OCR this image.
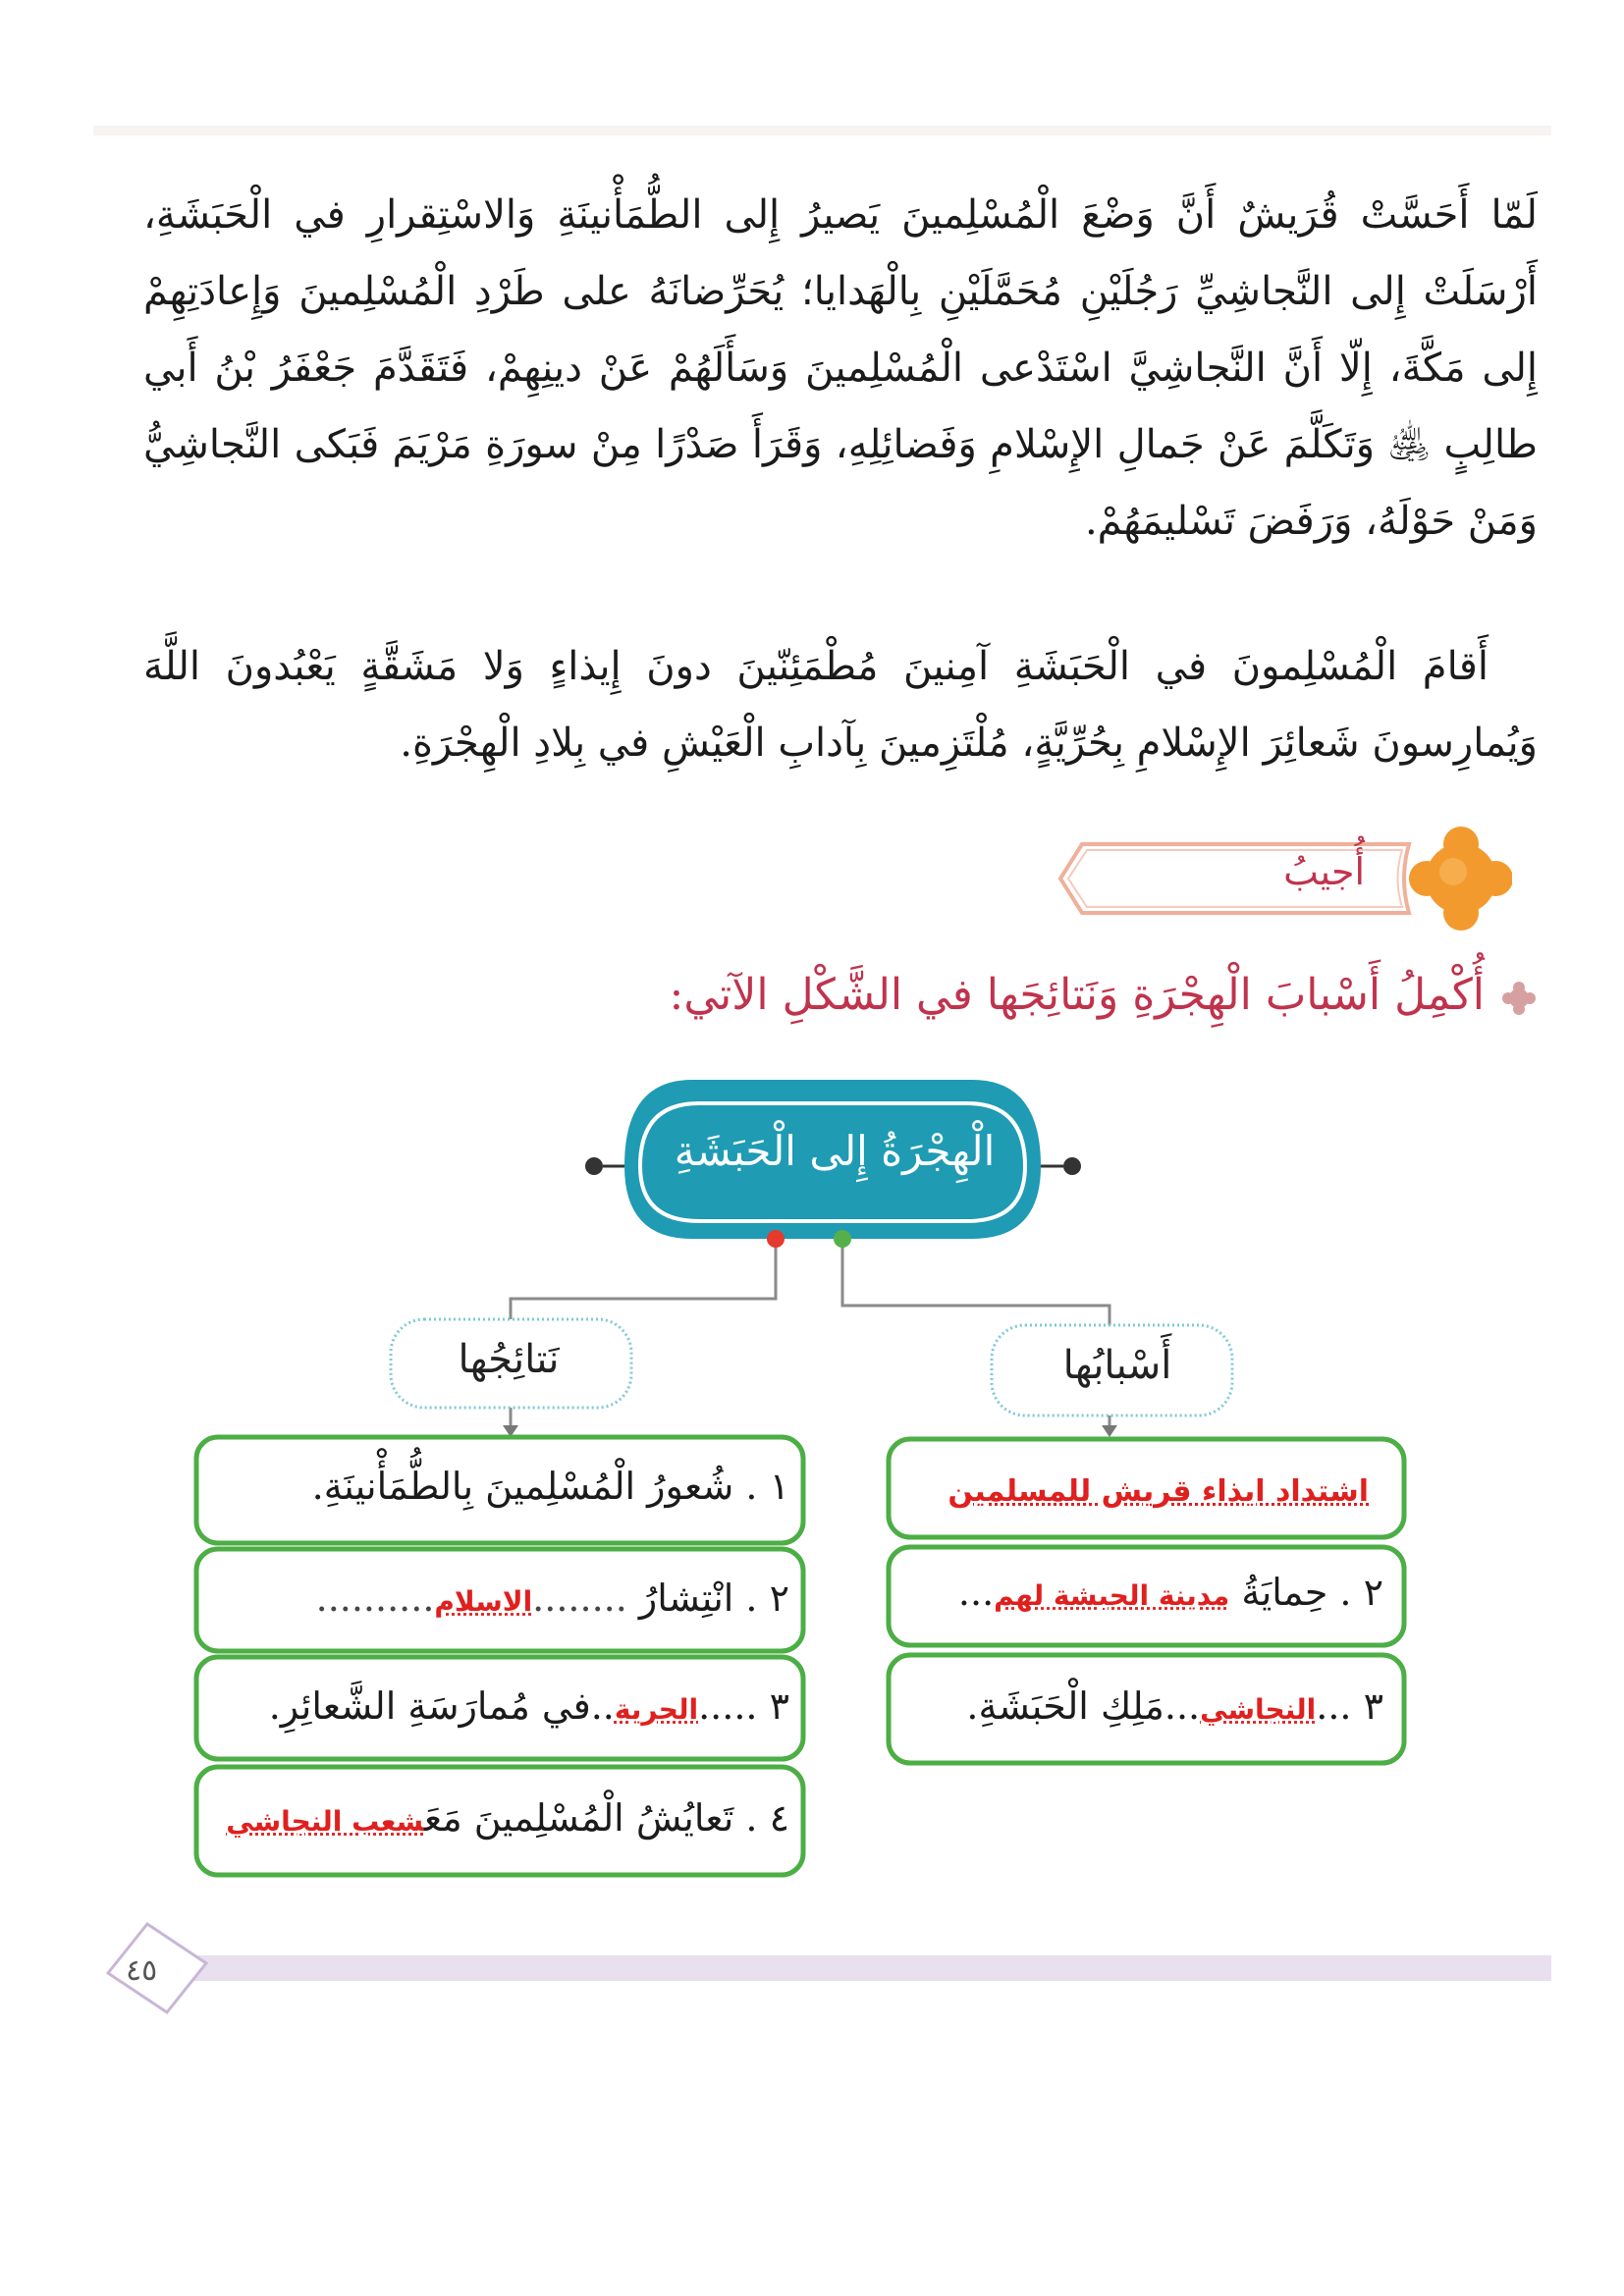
لَمّا أَحَسَّتْ قُرَيشٌ أَنَّ وَضْعَ الْمُسْلِمينَ يَصيرُ إِلى الطُّمَأْنينَةِ وَالاسْتِقرارِ في الْحَبَشَةِ، أَرْسَلَتْ إِلى النَّجاشِيِّ رَجُلَيْنِ مُحَمَّلَيْنِ بِالْهَدايا؛ يُحَرِّضانَهُ على طَرْدِ الْمُسْلِمينَ وَإِعادَتِهِمْ إِلى مَكَّةَ، إِلّا أَنَّ النَّجاشِيَّ اسْتَدْعى الْمُسْلِمينَ وَسَأَلَهُمْ عَنْ دينِهِمْ، فَتَقَدَّمَ جَعْفَرُ بْنُ أَبي طالِبٍ ﵁ وَتَكَلَّمَ عَنْ جَمالِ الإِسْلامِ وَفَضائِلِهِ، وَقَرَأَ صَدْرًا مِنْ سورَةِ مَرْيَمَ فَبَكى النَّجاشِيُّ وَمَنْ حَوْلَهُ، وَرَفَضَ تَسْليمَهُمْ.

أَقامَ الْمُسْلِمونَ في الْحَبَشَةِ آمِنينَ مُطْمَئِنّينَ دونَ إِيذاءٍ وَلا مَشَقَّةٍ يَعْبُدونَ اللَّهَ وَيُمارِسونَ شَعائِرَ الإِسْلامِ بِحُرِّيَّةٍ، مُلْتَزِمينَ بِآدابِ الْعَيْشِ في بِلادِ الْهِجْرَةِ.

أُجيبُ
أُكْمِلُ أَسْبابَ الْهِجْرَةِ وَنَتائِجَها في الشَّكْلِ الآتي:
الْهِجْرَةُ إِلى الْحَبَشَةِ
أَسْبابُها
نَتائِجُها
اشتداد ايذاء قريش للمسلمين
٢ . حِمايَةُ مدينة الحبشة لهم...
٣ ...النجاشي...مَلِكِ الْحَبَشَةِ.
١ . شُعورُ الْمُسْلِمينَ بِالطُّمَأْنينَةِ.
٢ . انْتِشارُ ........الاسلام..........
٣ .....الحرية..في مُمارَسَةِ الشَّعائِرِ.
٤ . تَعايُشُ الْمُسْلِمينَ مَعَشعب النجاشي
٤٥
